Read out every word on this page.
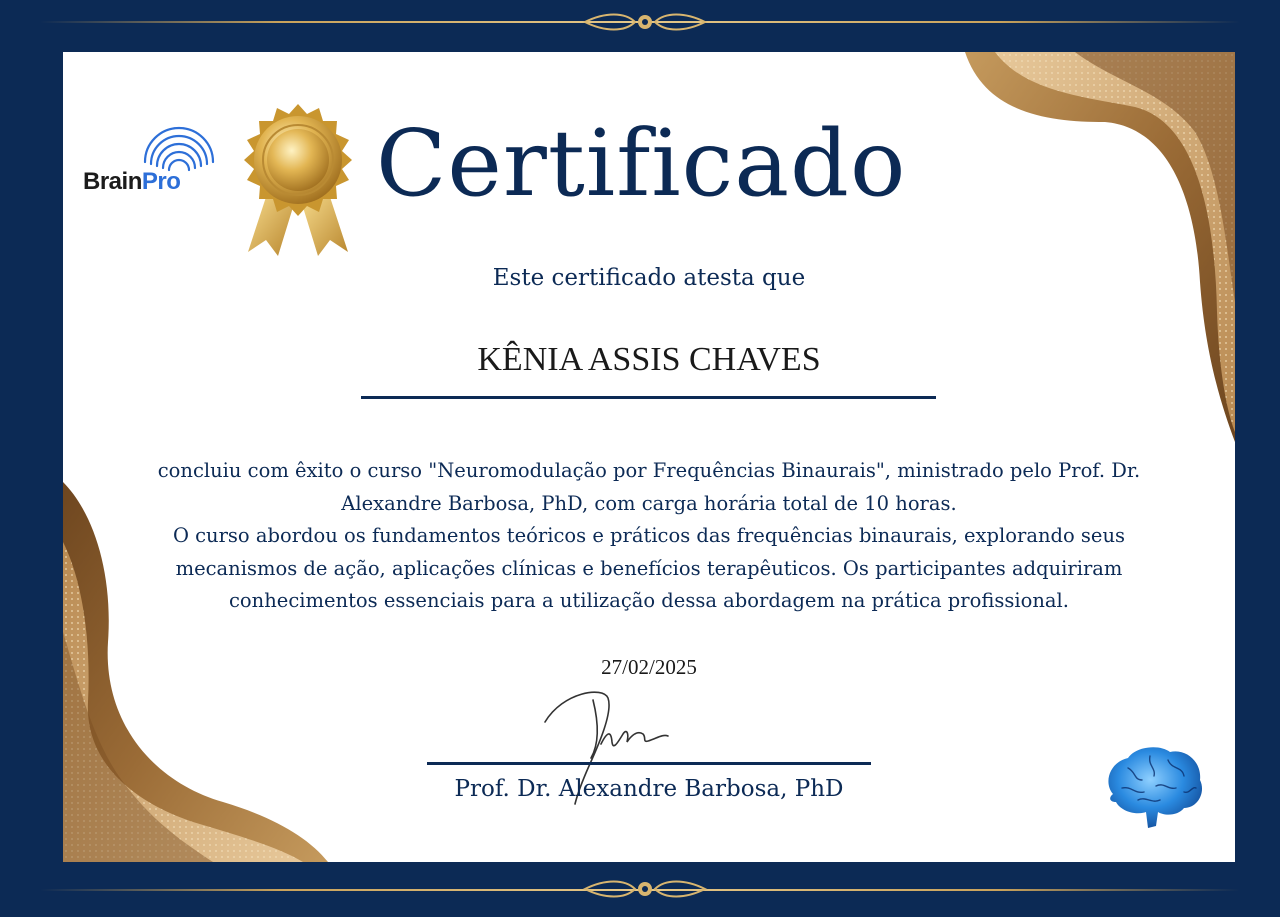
BrainPro Certificado
Este certificado atesta que
KÊNIA ASSIS CHAVES

concluiu com êxito o curso "Neuromodulação por Frequências Binaurais", ministrado pelo Prof. Dr. Alexandre Barbosa, PhD, com carga horária total de 10 horas.

O curso abordou os fundamentos teóricos e práticos das frequências binaurais, explorando seus mecanismos de ação, aplicações clínicas e benefícios terapêuticos. Os participantes adquiriram conhecimentos essenciais para a utilização dessa abordagem na prática profissional.

27/02/2025
Prof. Dr. Alexandre Barbosa, PhD
